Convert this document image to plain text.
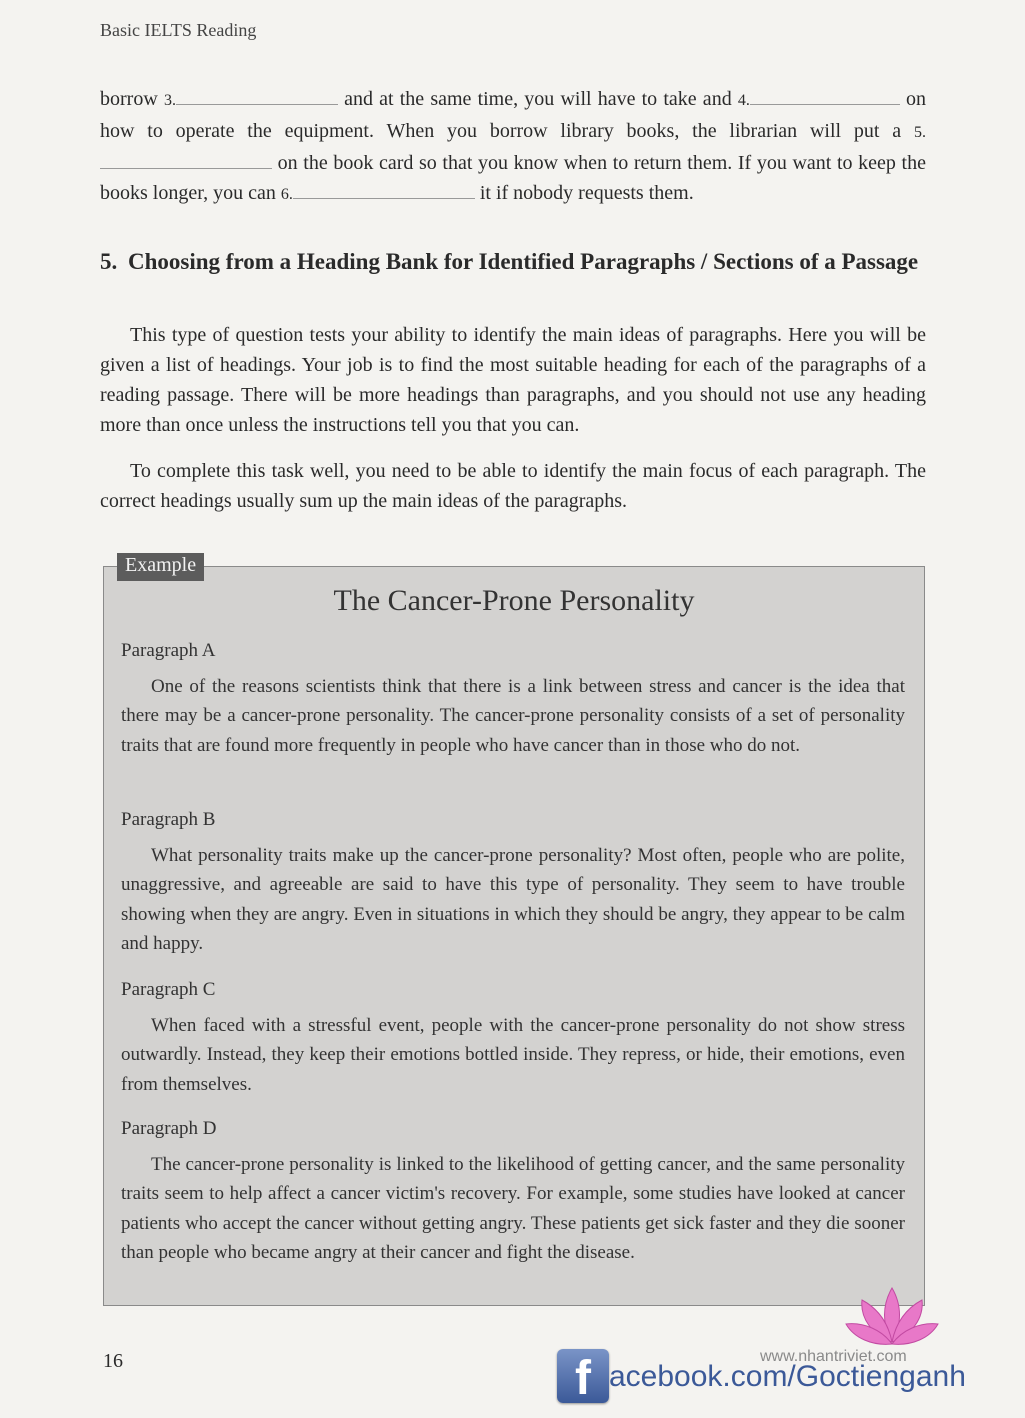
Basic IELTS Reading
borrow 3.	and at the same time, you will have to take and 4.	on how to operate the equipment. When you borrow library books, the librarian will put a 5. on the book card so that you know when to return them. If you want to keep the books longer, you can 6.	it if nobody requests them.
5. Choosing from a Heading Bank for Identified Paragraphs / Sections of a Passage

This type of question tests your ability to identify the main ideas of paragraphs. Here you will be given a list of headings. Your job is to find the most suitable heading for each of the paragraphs of a reading passage. There will be more headings than paragraphs, and you should not use any heading more than once unless the instructions tell you that you can.

To complete this task well, you need to be able to identify the main focus of each paragraph. The correct headings usually sum up the main ideas of the paragraphs.

Example
The Cancer-Prone Personality
Paragraph A
One of the reasons scientists think that there is a link between stress and cancer is the idea that there may be a cancer-prone personality. The cancer-prone personality consists of a set of personality traits that are found more frequently in people who have cancer than in those who do not.
Paragraph B
What personality traits make up the cancer-prone personality? Most often, people who are polite, unaggressive, and agreeable are said to have this type of personality. They seem to have trouble showing when they are angry. Even in situations in which they should be angry, they appear to be calm and happy.
Paragraph C
When faced with a stressful event, people with the cancer-prone personality do not show stress outwardly. Instead, they keep their emotions bottled inside. They repress, or hide, their emotions, even from themselves.
Paragraph D
The cancer-prone personality is linked to the likelihood of getting cancer, and the same personality traits seem to help affect a cancer victim's recovery. For example, some studies have looked at cancer patients who accept the cancer without getting angry. These patients get sick faster and they die sooner than people who became angry at their cancer and fight the disease.
16	www.nhantriviet.com
f acebook.com/Goctienganh
